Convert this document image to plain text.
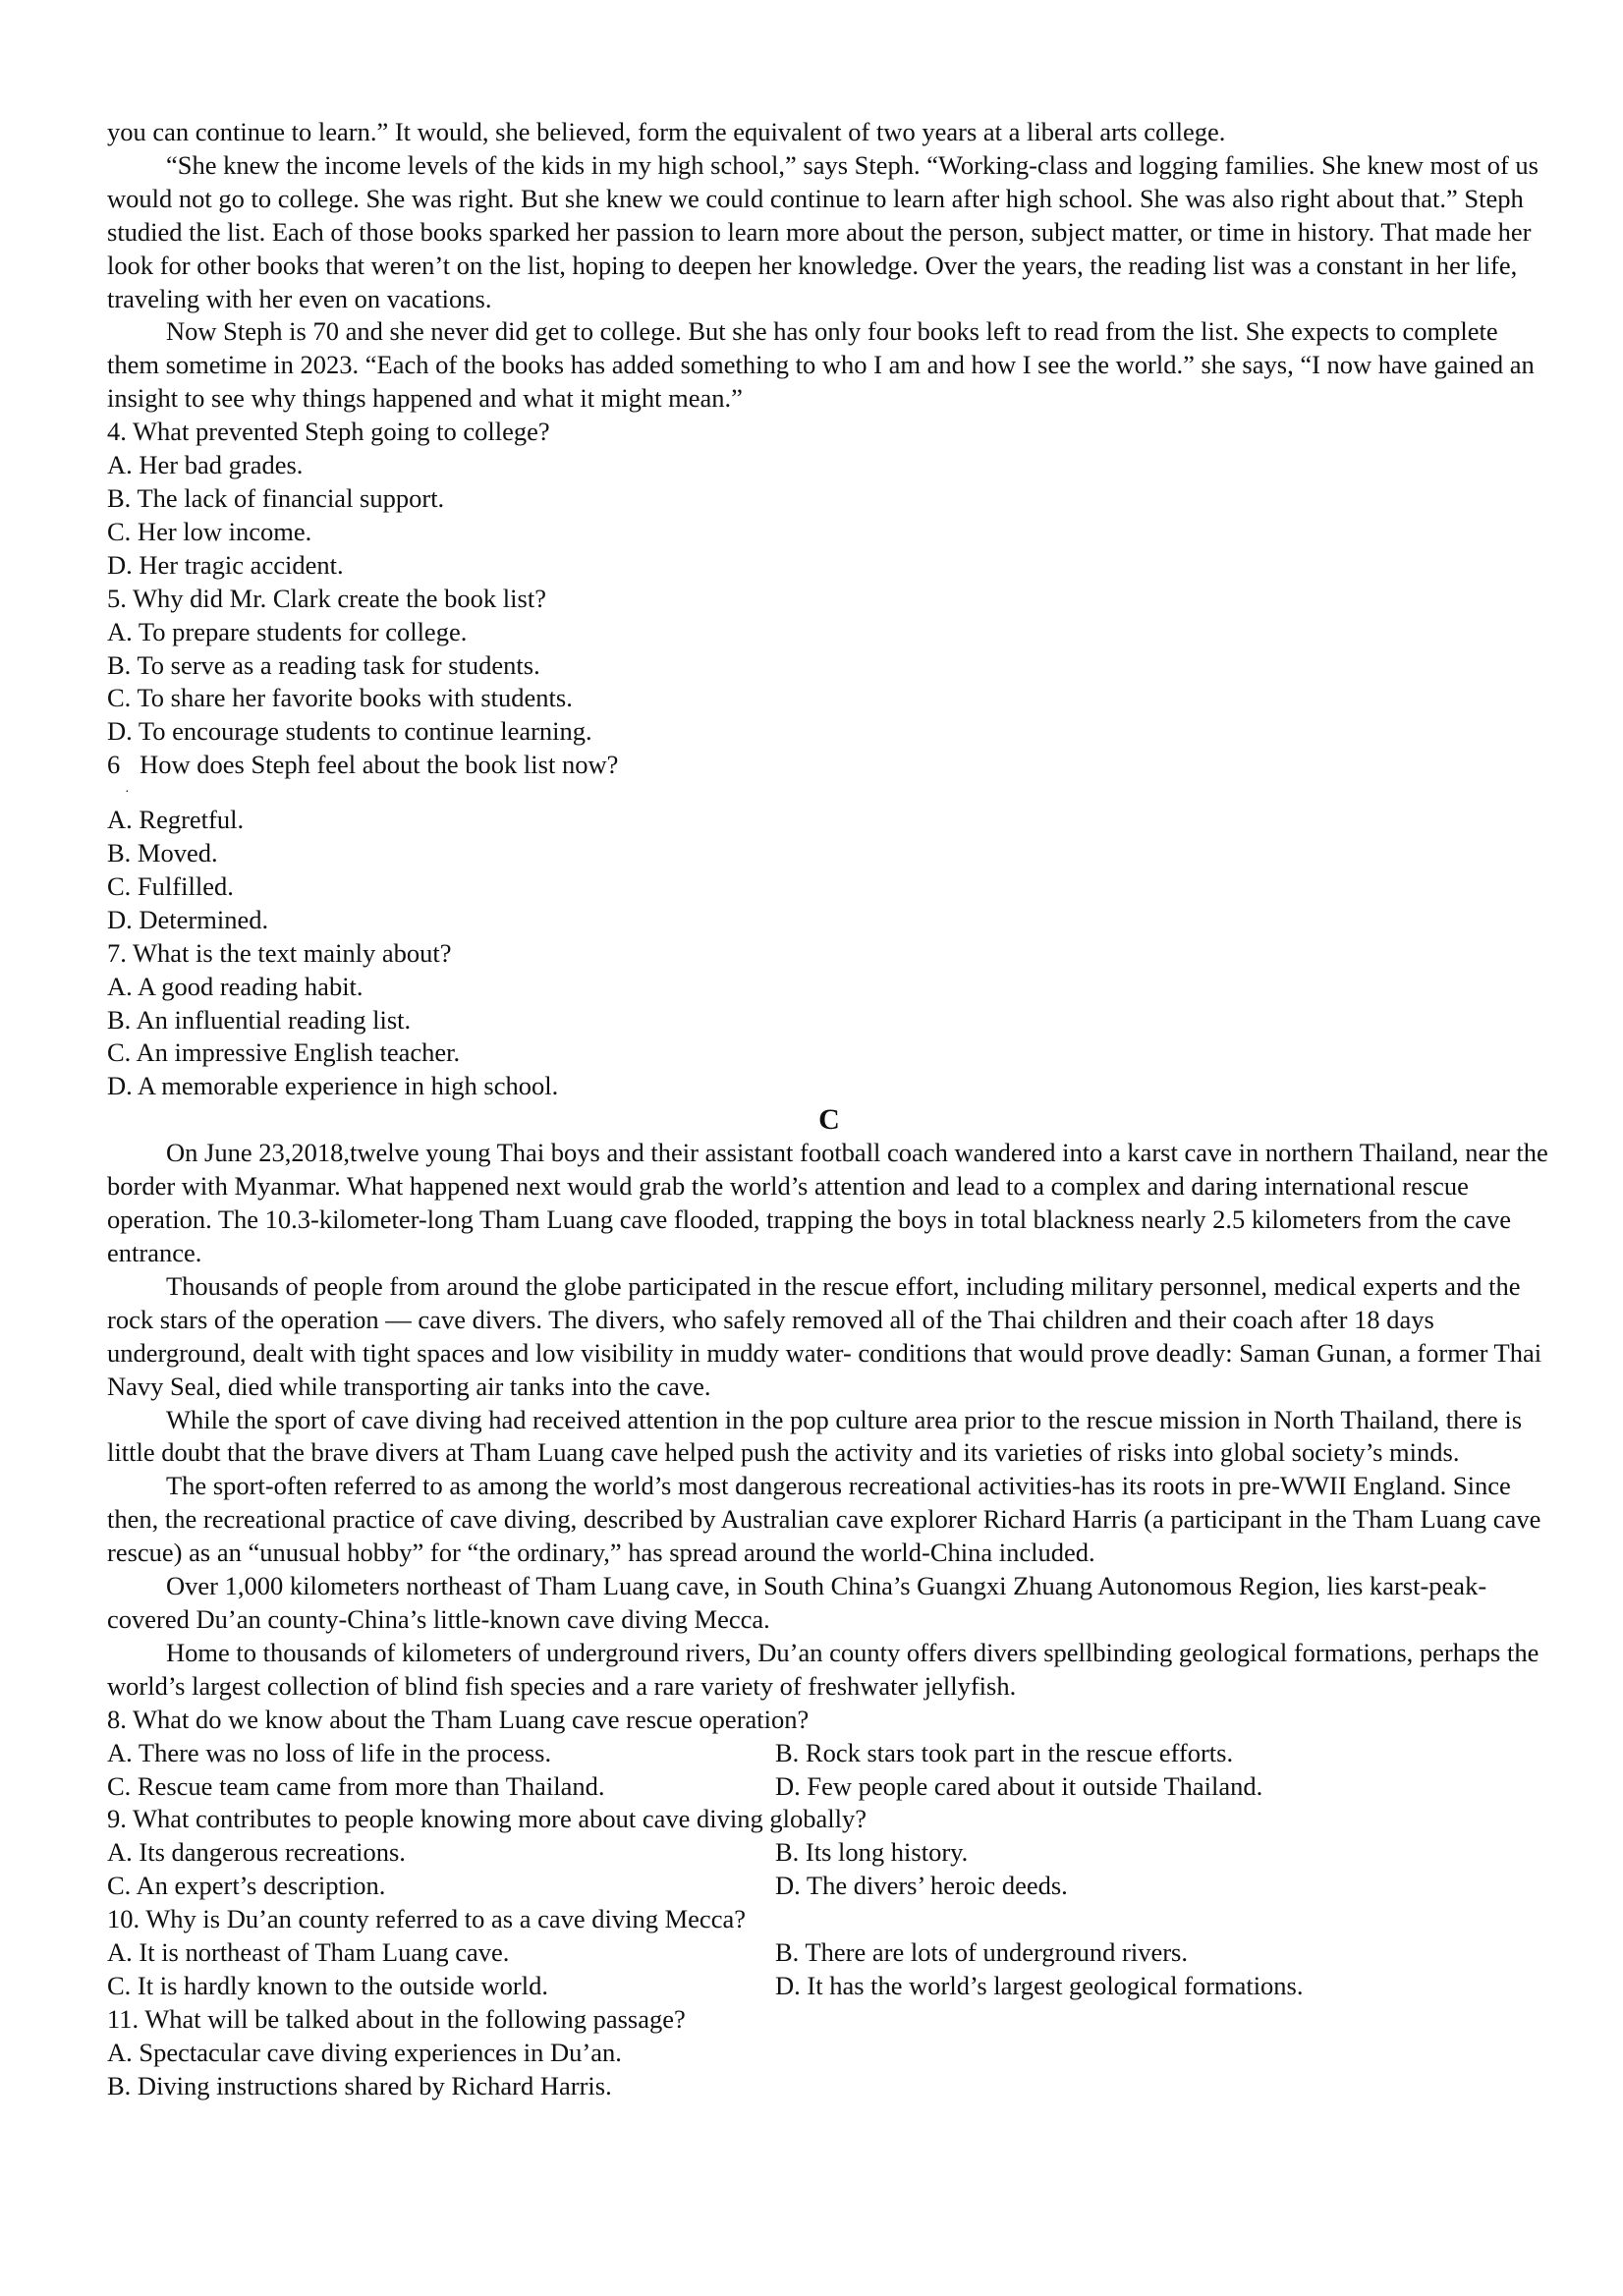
you can continue to learn.” It would, she believed, form the equivalent of two years at a liberal arts college.

“She knew the income levels of the kids in my high school,” says Steph. “Working-class and logging families. She knew most of us would not go to college. She was right. But she knew we could continue to learn after high school. She was also right about that.” Steph studied the list. Each of those books sparked her passion to learn more about the person, subject matter, or time in history. That made her look for other books that weren’t on the list, hoping to deepen her knowledge. Over the years, the reading list was a constant in her life, traveling with her even on vacations.

Now Steph is 70 and she never did get to college. But she has only four books left to read from the list. She expects to complete them sometime in 2023. “Each of the books has added something to who I am and how I see the world.” she says, “I now have gained an insight to see why things happened and what it might mean.”

4. What prevented Steph going to college?

A. Her bad grades.

B. The lack of financial support.

C. Her low income.

D. Her tragic accident.

5. Why did Mr. Clark create the book list?

A. To prepare students for college.

B. To serve as a reading task for students.

C. To share her favorite books with students.

D. To encourage students to continue learning.

6   How does Steph feel about the book list now?

·

A. Regretful.

B. Moved.

C. Fulfilled.

D. Determined.

7. What is the text mainly about?

A. A good reading habit.

B. An influential reading list.

C. An impressive English teacher.

D. A memorable experience in high school.

C

On June 23,2018,twelve young Thai boys and their assistant football coach wandered into a karst cave in northern Thailand, near the border with Myanmar. What happened next would grab the world’s attention and lead to a complex and daring international rescue operation. The 10.3-kilometer-long Tham Luang cave flooded, trapping the boys in total blackness nearly 2.5 kilometers from the cave entrance.

Thousands of people from around the globe participated in the rescue effort, including military personnel, medical experts and the rock stars of the operation — cave divers. The divers, who safely removed all of the Thai children and their coach after 18 days underground, dealt with tight spaces and low visibility in muddy water- conditions that would prove deadly: Saman Gunan, a former Thai Navy Seal, died while transporting air tanks into the cave.

While the sport of cave diving had received attention in the pop culture area prior to the rescue mission in North Thailand, there is little doubt that the brave divers at Tham Luang cave helped push the activity and its varieties of risks into global society’s minds.

The sport-often referred to as among the world’s most dangerous recreational activities-has its roots in pre-WWII England. Since then, the recreational practice of cave diving, described by Australian cave explorer Richard Harris (a participant in the Tham Luang cave rescue) as an “unusual hobby” for “the ordinary,” has spread around the world-China included.

Over 1,000 kilometers northeast of Tham Luang cave, in South China’s Guangxi Zhuang Autonomous Region, lies karst-peak-covered Du’an county-China’s little-known cave diving Mecca.

Home to thousands of kilometers of underground rivers, Du’an county offers divers spellbinding geological formations, perhaps the world’s largest collection of blind fish species and a rare variety of freshwater jellyfish.

8. What do we know about the Tham Luang cave rescue operation?

A. There was no loss of life in the process.	B. Rock stars took part in the rescue efforts.
C. Rescue team came from more than Thailand.	D. Few people cared about it outside Thailand.

9. What contributes to people knowing more about cave diving globally?

A. Its dangerous recreations.	B. Its long history.
C. An expert’s description.	D. The divers’ heroic deeds.

10. Why is Du’an county referred to as a cave diving Mecca?

A. It is northeast of Tham Luang cave.	B. There are lots of underground rivers.
C. It is hardly known to the outside world.	D. It has the world’s largest geological formations.

11. What will be talked about in the following passage?

A. Spectacular cave diving experiences in Du’an.

B. Diving instructions shared by Richard Harris.
